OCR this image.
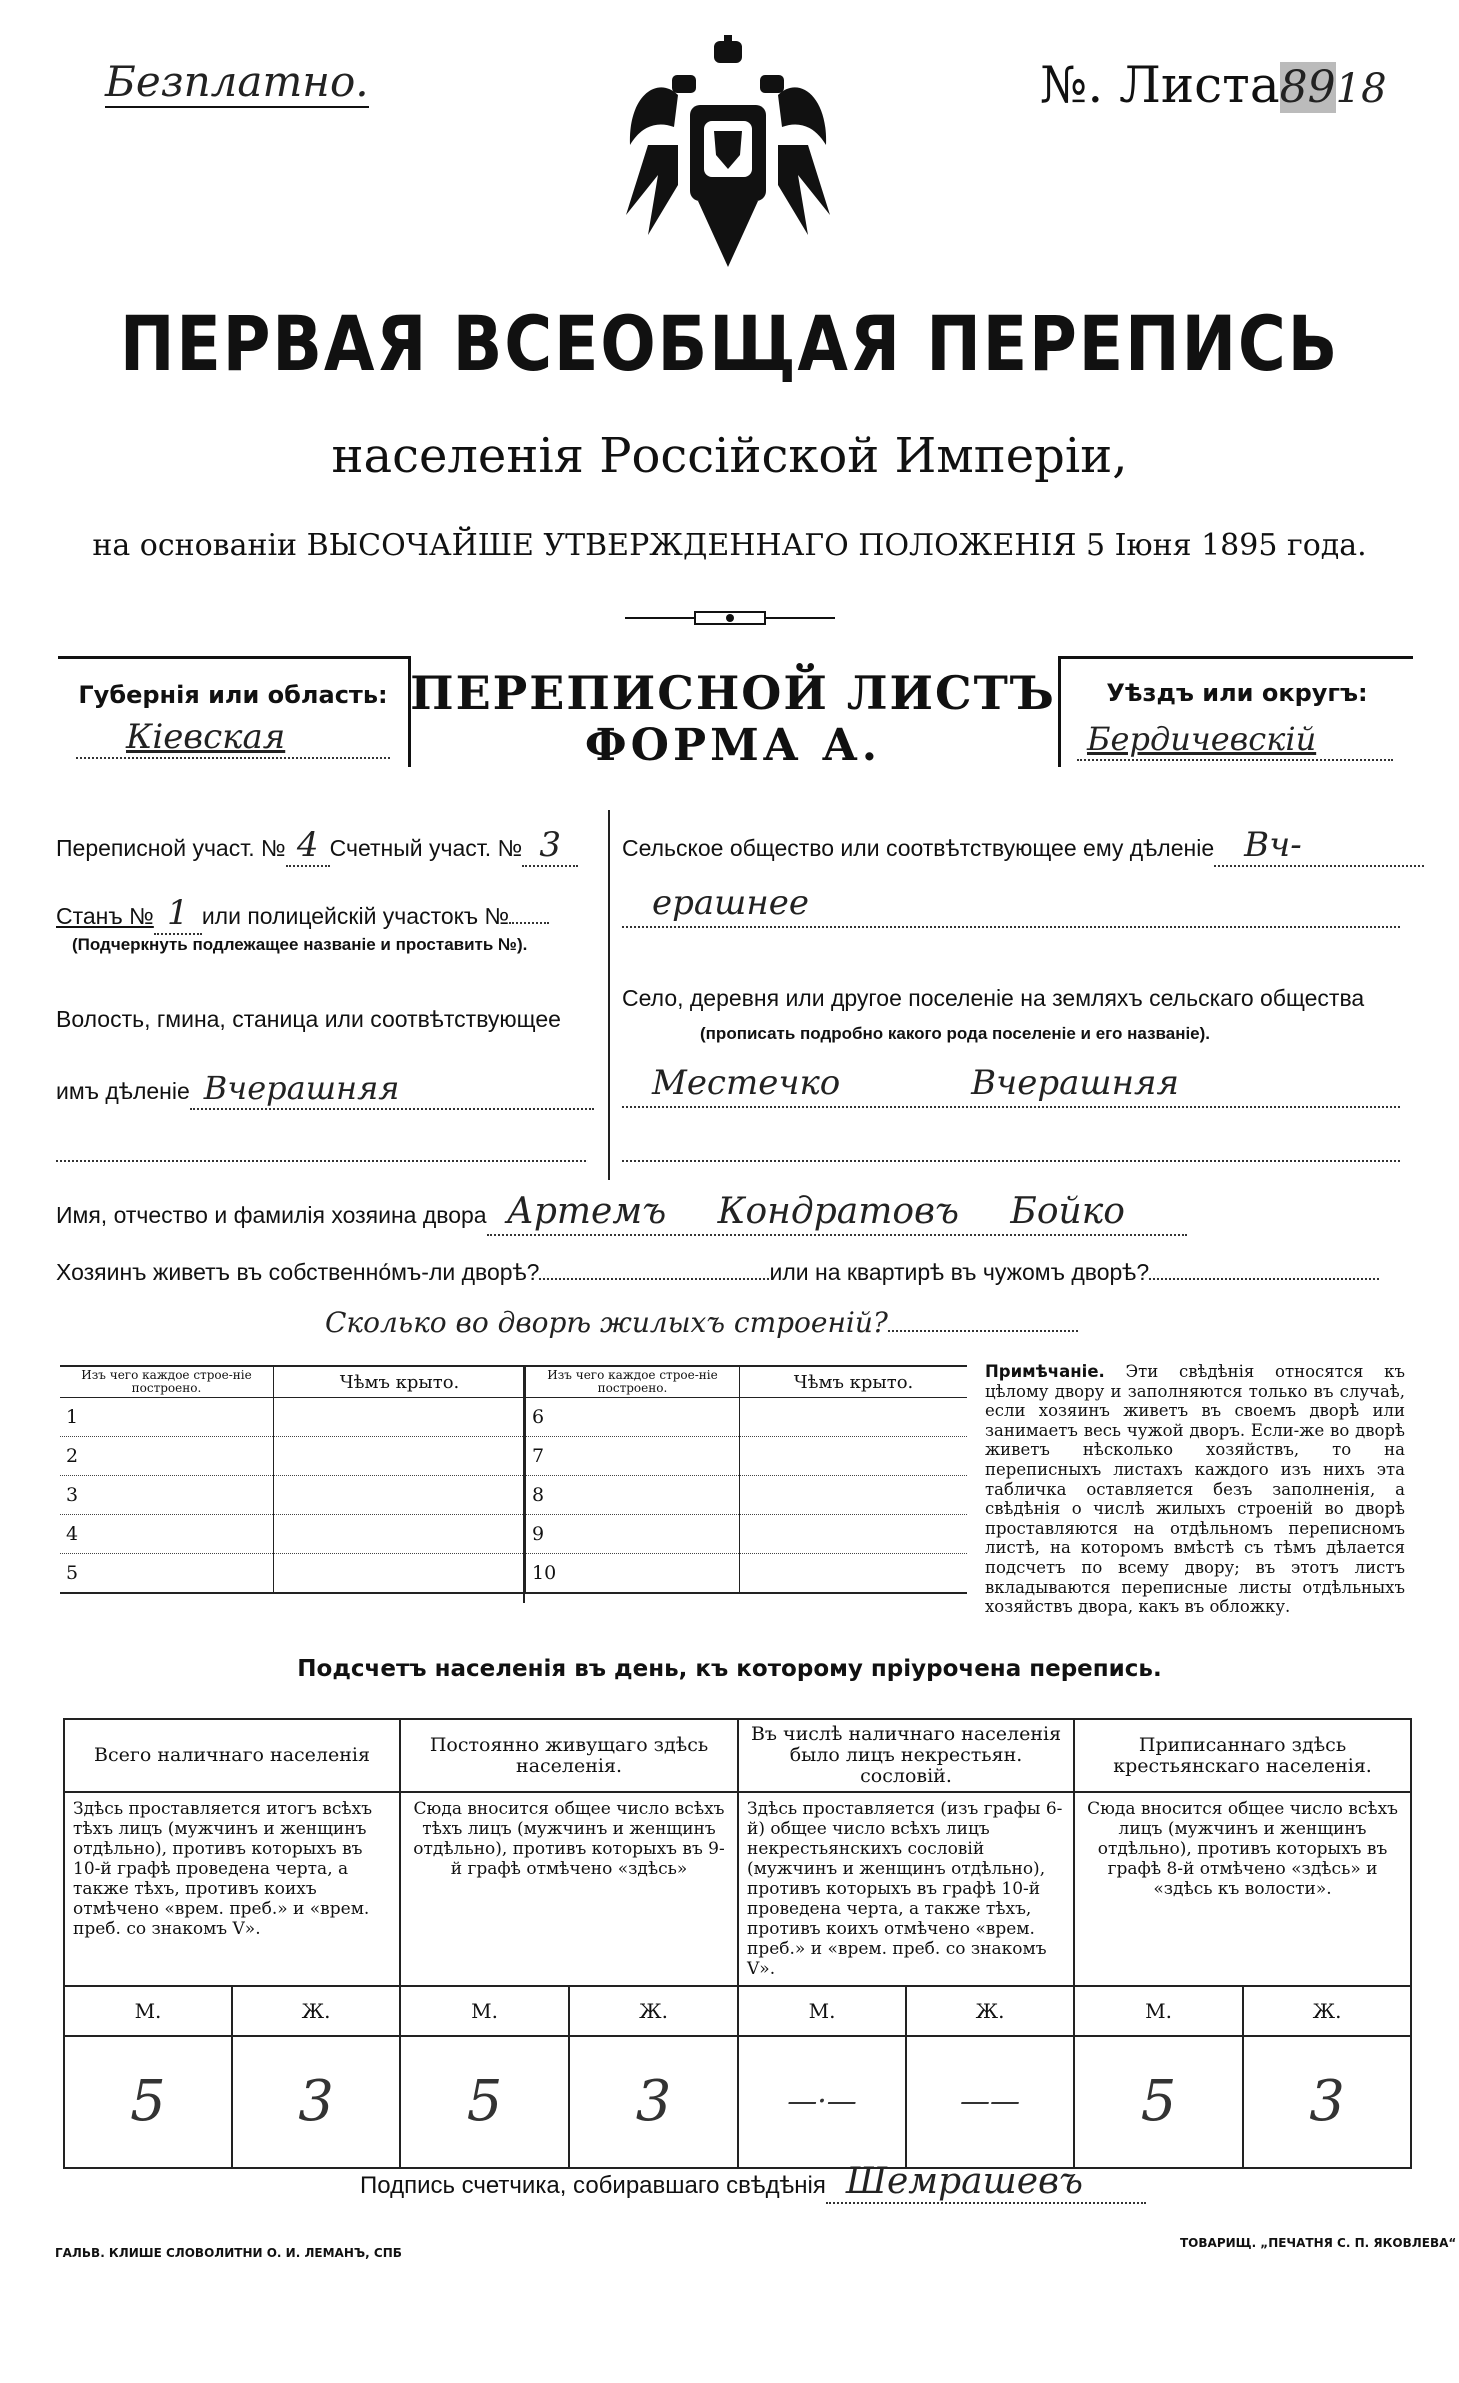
Безплатно.	№. Листа8918
ПЕРВАЯ ВСЕОБЩАЯ ПЕРЕПИСЬ
населенія Россійской Имперіи,
на основаніи ВЫСОЧАЙШЕ УТВЕРЖДЕННАГО ПОЛОЖЕНІЯ 5 Іюня 1895 года.
Губернія или область:
Кіевская
ПЕРЕПИСНОЙ ЛИСТЪ
ФОРМА А.
Уѣздъ или округъ:
Бердичевскій
Переписной участ. № 4 Счетный участ. № 3
Станъ № 1 или полицейскій участокъ №
(Подчеркнуть подлежащее названіе и проставить №).
Волость, гмина, станица или соотвѣтствующее
имъ дѣленіе Вчерашняя
Сельское общество или соотвѣтствующее ему дѣленіе Вч-
ерашнее
Село, деревня или другое поселеніе на земляхъ сельскаго общества
(прописать подробно какого рода поселеніе и его названіе).
Местечко Вчерашняя
Имя, отчество и фамилія хозяина двора Артемъ Кондратовъ Бойко
Хозяинъ живетъ въ собственно́мъ-ли дворѣ?	или на квартирѣ въ чужомъ дворѣ?
Сколько во дворѣ жилыхъ строеній?
Изъ чего каждое строе-ніе построено.	Чѣмъ крыто.
1	
2	
3	
4	
5	
Изъ чего каждое строе-ніе построено.	Чѣмъ крыто.
6	
7	
8	
9	
10	
Примѣчаніе. Эти свѣдѣнія относятся къ цѣлому двору и заполняются только въ случаѣ, если хозяинъ живетъ въ своемъ дворѣ или занимаетъ весь чужой дворъ. Если-же во дворѣ живетъ нѣсколько хозяйствъ, то на переписныхъ листахъ каждого изъ нихъ эта табличка оставляется безъ заполненія, а свѣдѣнія о числѣ жилыхъ строеній во дворѣ проставляются на отдѣльномъ переписномъ листѣ, на которомъ вмѣстѣ съ тѣмъ дѣлается подсчетъ по всему двору; въ этотъ листъ вкладываются переписные листы отдѣльныхъ хозяйствъ двора, какъ въ обложку.
Подсчетъ населенія въ день, къ которому пріурочена перепись.
Всего наличнаго населенія		Постоянно живущаго здѣсь населенія.		Въ числѣ наличнаго населенія было лицъ некрестьян. сословій.		Приписаннаго здѣсь крестьянскаго населенія.	
Здѣсь проставляется итогъ всѣхъ тѣхъ лицъ (мужчинъ и женщинъ отдѣльно), противъ которыхъ въ 10-й графѣ проведена черта, а также тѣхъ, противъ коихъ отмѣчено «врем. преб.» и «врем. преб. со знакомъ V».		Сюда вносится общее число всѣхъ тѣхъ лицъ (мужчинъ и женщинъ отдѣльно), противъ которыхъ въ 9-й графѣ отмѣчено «здѣсь»		Здѣсь проставляется (изъ графы 6-й) общее число всѣхъ лицъ некрестьянскихъ сословій (мужчинъ и женщинъ отдѣльно), противъ которыхъ въ графѣ 10-й проведена черта, а также тѣхъ, противъ коихъ отмѣчено «врем. преб.» и «врем. преб. со знакомъ V».		Сюда вносится общее число всѣхъ лицъ (мужчинъ и женщинъ отдѣльно), противъ которыхъ въ графѣ 8-й отмѣчено «здѣсь» и «здѣсь къ волости».	
М.	Ж.	М.	Ж.	М.	Ж.	М.	Ж.
5	3	5	3	—·—	——	5	3
Подпись счетчика, собиравшаго свѣдѣнія Шемрашевъ
ГАЛЬВ. КЛИШЕ СЛОВОЛИТНИ О. И. ЛЕМАНЪ, СПБ
ТОВАРИЩ. „ПЕЧАТНЯ С. П. ЯКОВЛЕВА“
